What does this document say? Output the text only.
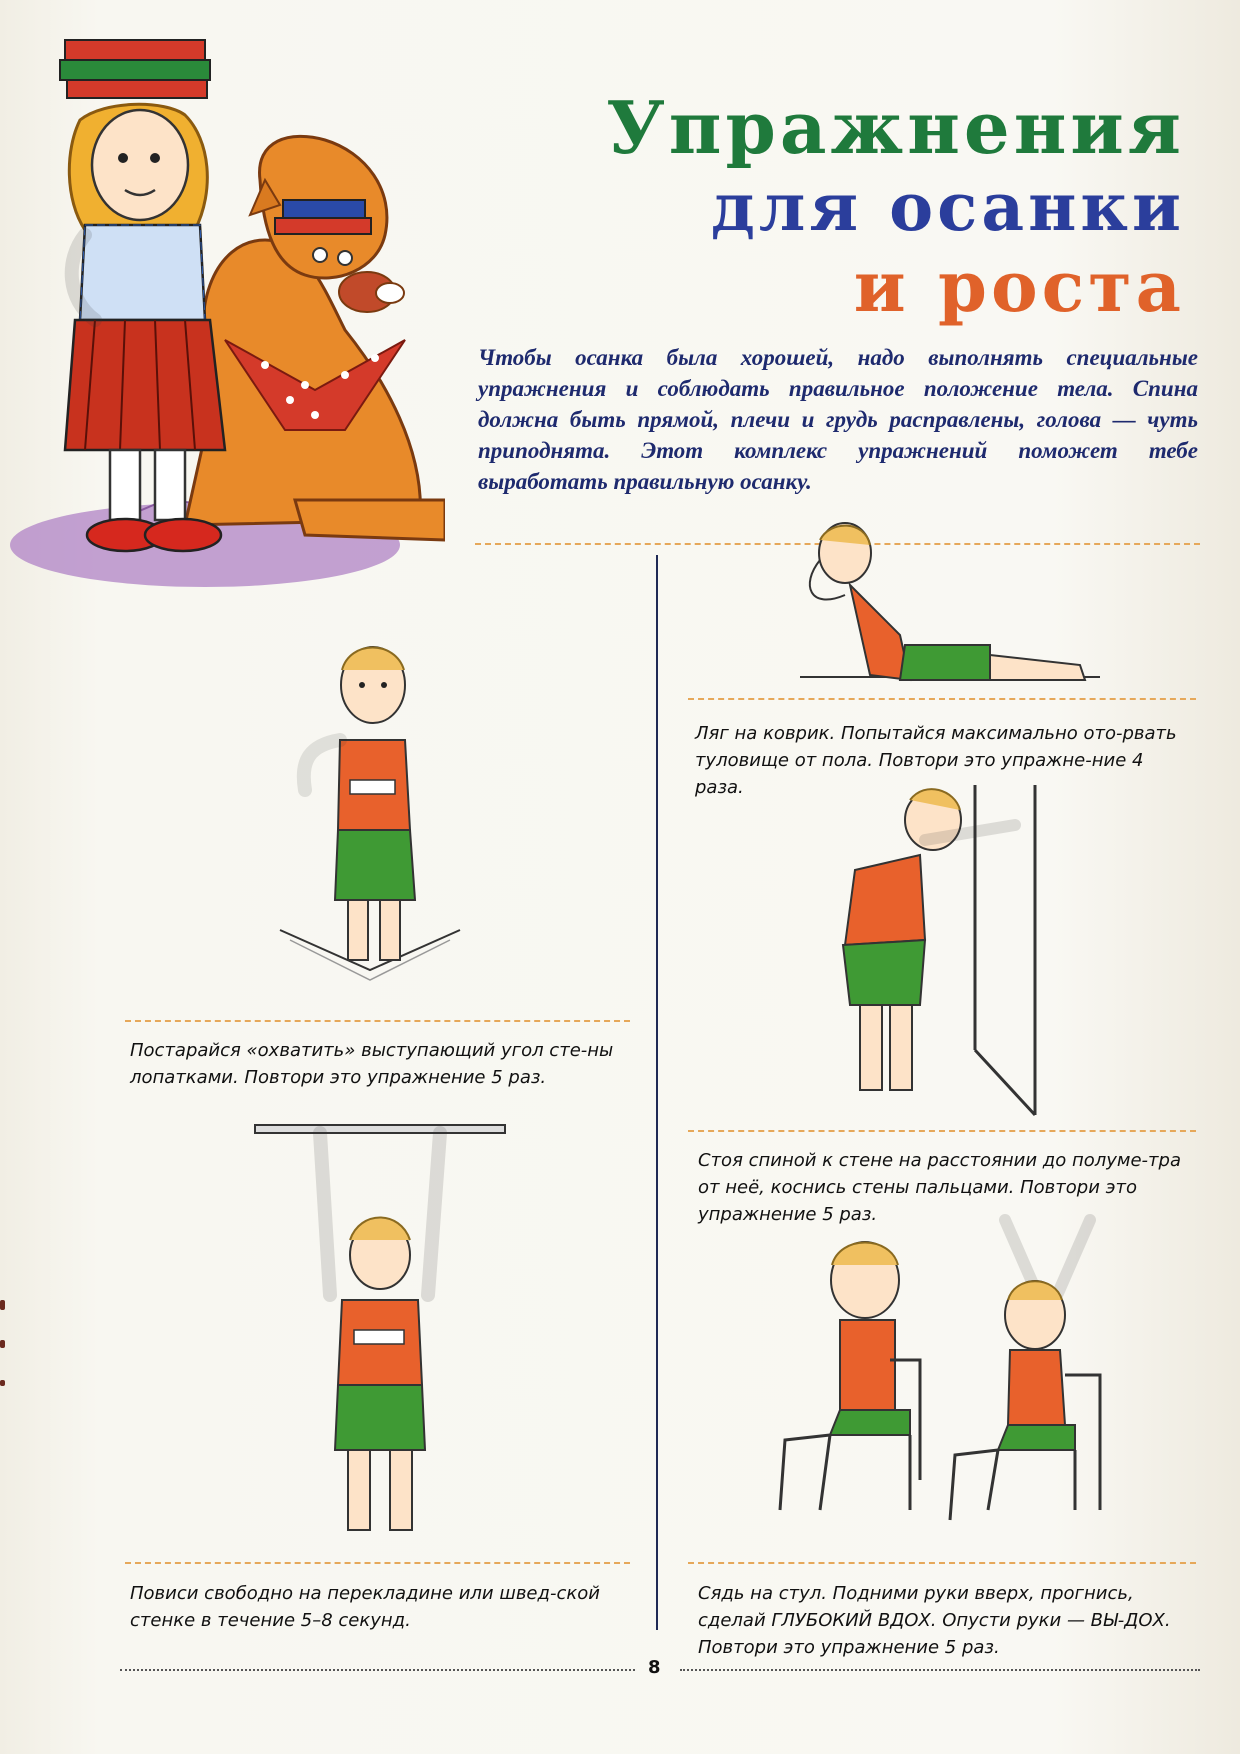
Упражнения
для осанки
и роста
Чтобы осанка была хорошей, надо выполнять специальные упражнения и соблюдать правильное положение тела. Спина должна быть прямой, плечи и грудь расправлены, голова — чуть приподнята. Этот комплекс упражнений поможет тебе выработать правильную осанку.
Ляг на коврик. Попытайся максимально ото-рвать туловище от пола. Повтори это упражне-ние 4 раза.
Постарайся «охватить» выступающий угол сте-ны лопатками. Повтори это упражнение 5 раз.
Стоя спиной к стене на расстоянии до полуме-тра от неё, коснись стены пальцами. Повтори это упражнение 5 раз.
Повиси свободно на перекладине или швед-ской стенке в течение 5–8 секунд.
Сядь на стул. Подними руки вверх, прогнись, сделай ГЛУБОКИЙ ВДОХ. Опусти руки — ВЫ-ДОХ. Повтори это упражнение 5 раз.
8
